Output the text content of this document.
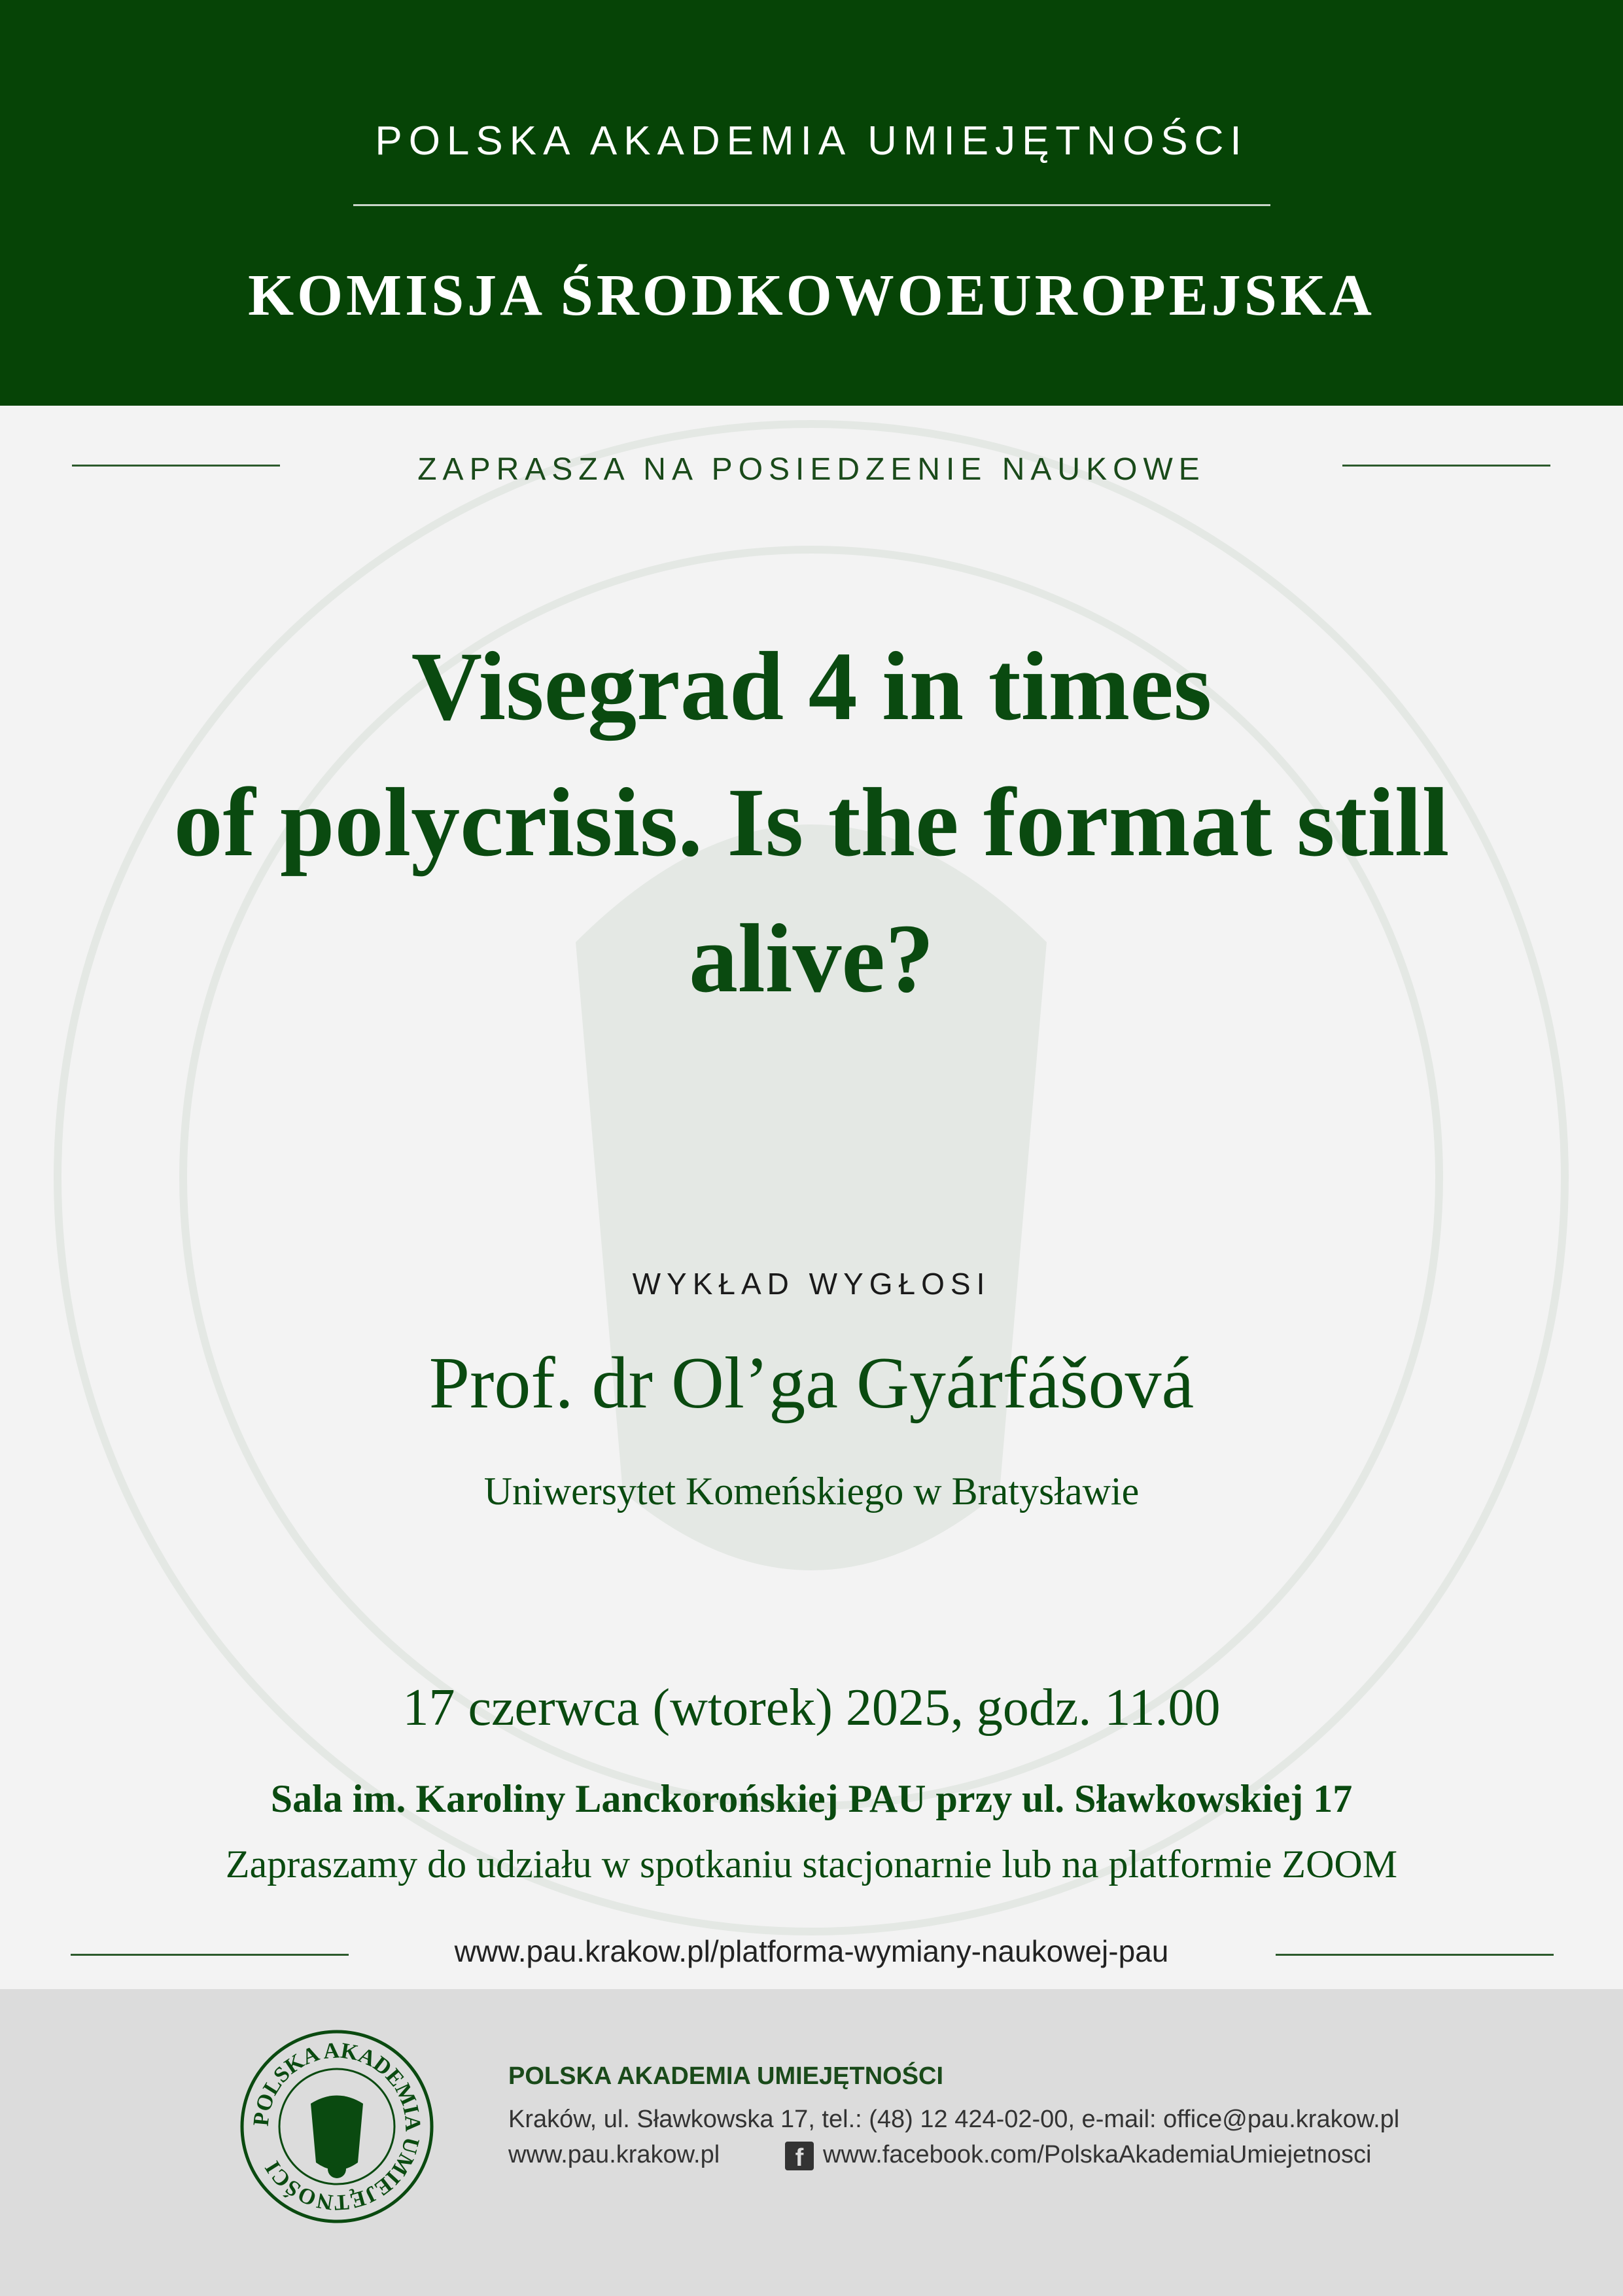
POLSKA AKADEMIA UMIEJĘTNOŚCI
KOMISJA ŚRODKOWOEUROPEJSKA
ZAPRASZA NA POSIEDZENIE NAUKOWE
Visegrad 4 in times
of polycrisis. Is the format still
alive?
WYKŁAD WYGŁOSI
Prof. dr Ol’ga Gyárfášová
Uniwersytet Komeńskiego w Bratysławie
17 czerwca (wtorek) 2025, godz. 11.00
Sala im. Karoliny Lanckorońskiej PAU przy ul. Sławkowskiej 17
Zapraszamy do udziału w spotkaniu stacjonarnie lub na platformie ZOOM
www.pau.krakow.pl/platforma-wymiany-naukowej-pau
POLSKA AKADEMIA UMIEJĘTNOŚCI
POLSKA AKADEMIA UMIEJĘTNOŚCI
Kraków, ul. Sławkowska 17, tel.: (48) 12 424-02-00, e-mail: office@pau.krakow.pl
www.pau.krakow.pl	f www.facebook.com/PolskaAkademiaUmiejetnosci
